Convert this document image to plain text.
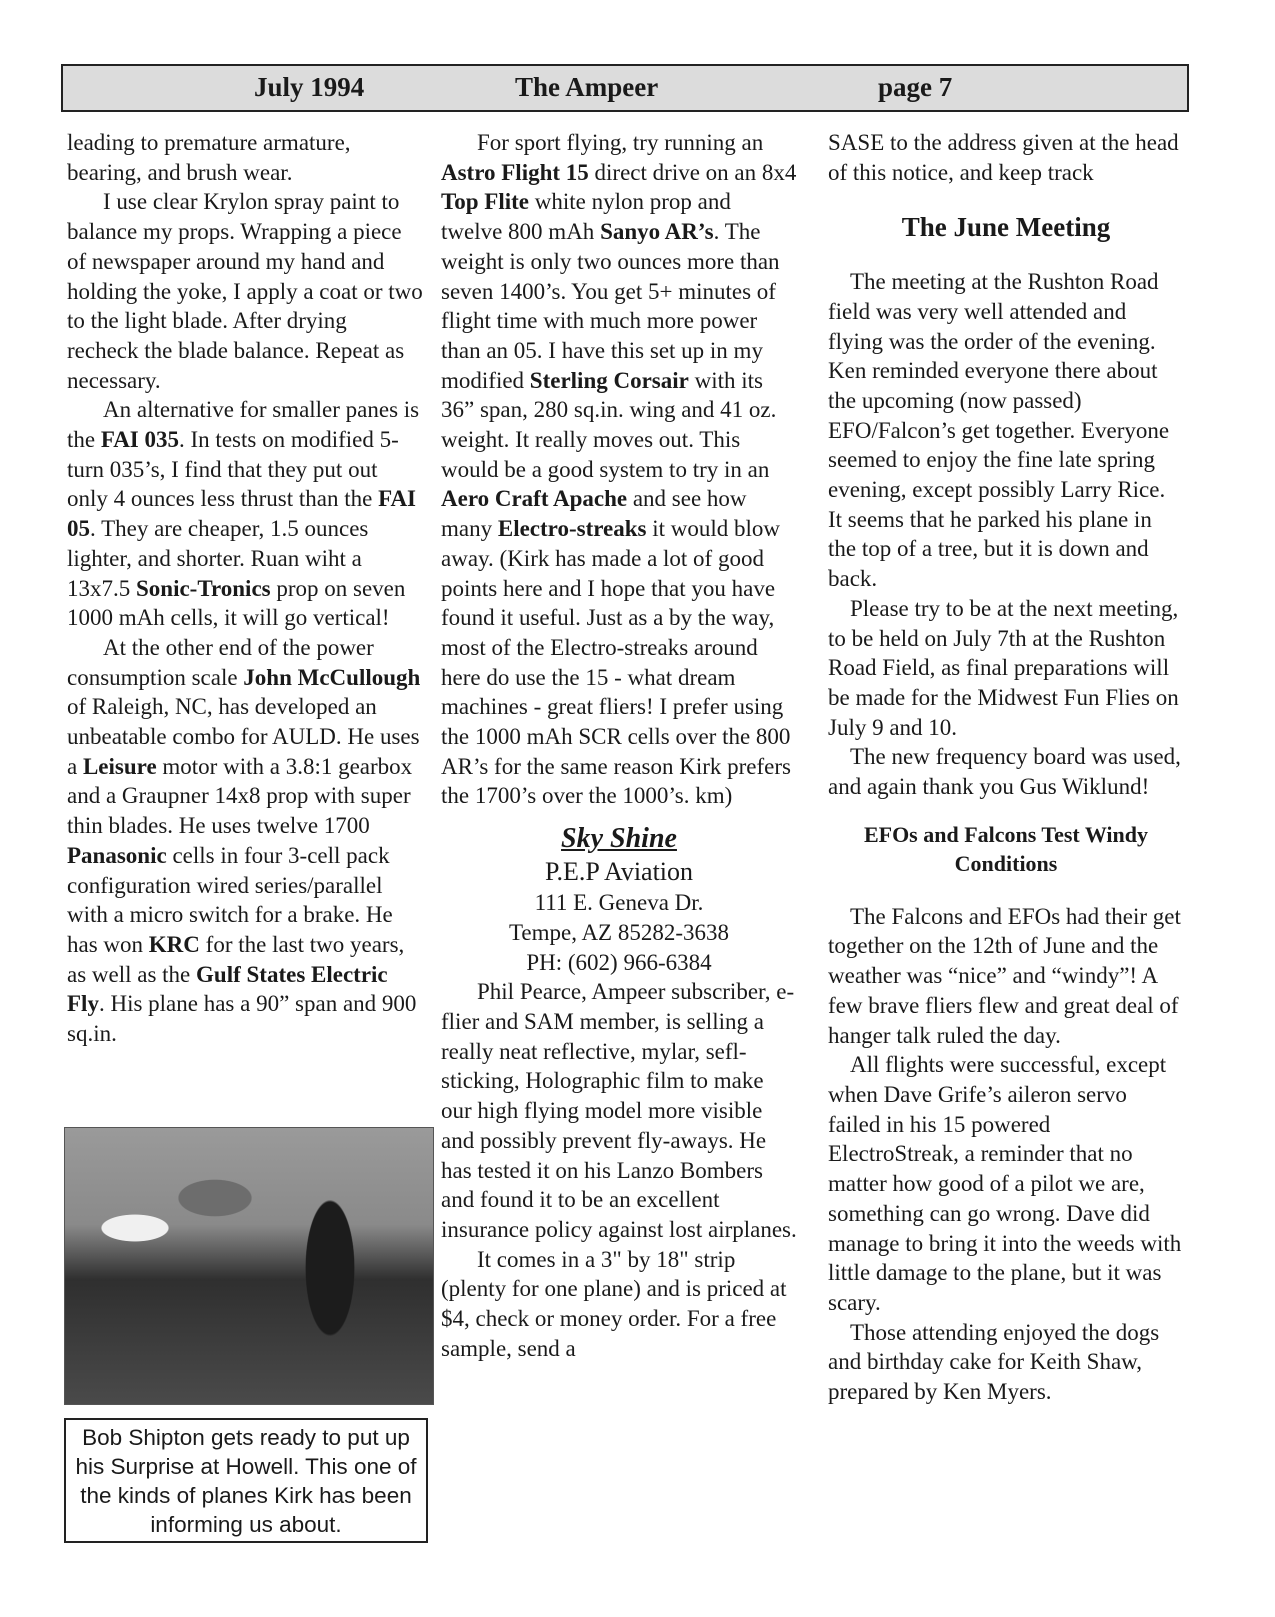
July 1994	The Ampeer	page 7

leading to premature armature, bearing, and brush wear.

I use clear Krylon spray paint to balance my props. Wrapping a piece of newspaper around my hand and holding the yoke, I apply a coat or two to the light blade. After drying recheck the blade balance. Repeat as necessary.

An alternative for smaller panes is the FAI 035. In tests on modified 5-turn 035’s, I find that they put out only 4 ounces less thrust than the FAI 05. They are cheaper, 1.5 ounces lighter, and shorter. Ruan wiht a 13x7.5 Sonic-Tronics prop on seven 1000 mAh cells, it will go vertical!

At the other end of the power consumption scale John McCullough of Raleigh, NC, has developed an unbeatable combo for AULD. He uses a Leisure motor with a 3.8:1 gearbox and a Graupner 14x8 prop with super thin blades. He uses twelve 1700 Panasonic cells in four 3-cell pack configuration wired series/parallel with a micro switch for a brake. He has won KRC for the last two years, as well as the Gulf States Electric Fly. His plane has a 90” span and 900 sq.in.

Bob Shipton gets ready to put up his Surprise at Howell. This one of the kinds of planes Kirk has been informing us about.

For sport flying, try running an Astro Flight 15 direct drive on an 8x4 Top Flite white nylon prop and twelve 800 mAh Sanyo AR’s. The weight is only two ounces more than seven 1400’s. You get 5+ minutes of flight time with much more power than an 05. I have this set up in my modified Sterling Corsair with its 36” span, 280 sq.in. wing and 41 oz. weight. It really moves out. This would be a good system to try in an Aero Craft Apache and see how many Electro-streaks it would blow away. (Kirk has made a lot of good points here and I hope that you have found it useful. Just as a by the way, most of the Electro-streaks around here do use the 15 - what dream machines - great fliers! I prefer using the 1000 mAh SCR cells over the 800 AR’s for the same reason Kirk prefers the 1700’s over the 1000’s. km)

Sky Shine

P.E.P Aviation

111 E. Geneva Dr.

Tempe, AZ 85282-3638

PH: (602) 966-6384

Phil Pearce, Ampeer subscriber, e-flier and SAM member, is selling a really neat reflective, mylar, sefl-sticking, Holographic film to make our high flying model more visible and possibly prevent fly-aways. He has tested it on his Lanzo Bombers and found it to be an excellent insurance policy against lost airplanes.

It comes in a 3" by 18" strip (plenty for one plane) and is priced at $4, check or money order. For a free sample, send a

SASE to the address given at the head of this notice, and keep track

The June Meeting

The meeting at the Rushton Road field was very well attended and flying was the order of the evening. Ken reminded everyone there about the upcoming (now passed) EFO/Falcon’s get together. Everyone seemed to enjoy the fine late spring evening, except possibly Larry Rice. It seems that he parked his plane in the top of a tree, but it is down and back.

Please try to be at the next meeting, to be held on July 7th at the Rushton Road Field, as final preparations will be made for the Midwest Fun Flies on July 9 and 10.

The new frequency board was used, and again thank you Gus Wiklund!

EFOs and Falcons Test Windy Conditions

The Falcons and EFOs had their get together on the 12th of June and the weather was “nice” and “windy”! A few brave fliers flew and great deal of hanger talk ruled the day.

All flights were successful, except when Dave Grife’s aileron servo failed in his 15 powered ElectroStreak, a reminder that no matter how good of a pilot we are, something can go wrong. Dave did manage to bring it into the weeds with little damage to the plane, but it was scary.

Those attending enjoyed the dogs and birthday cake for Keith Shaw, prepared by Ken Myers.
